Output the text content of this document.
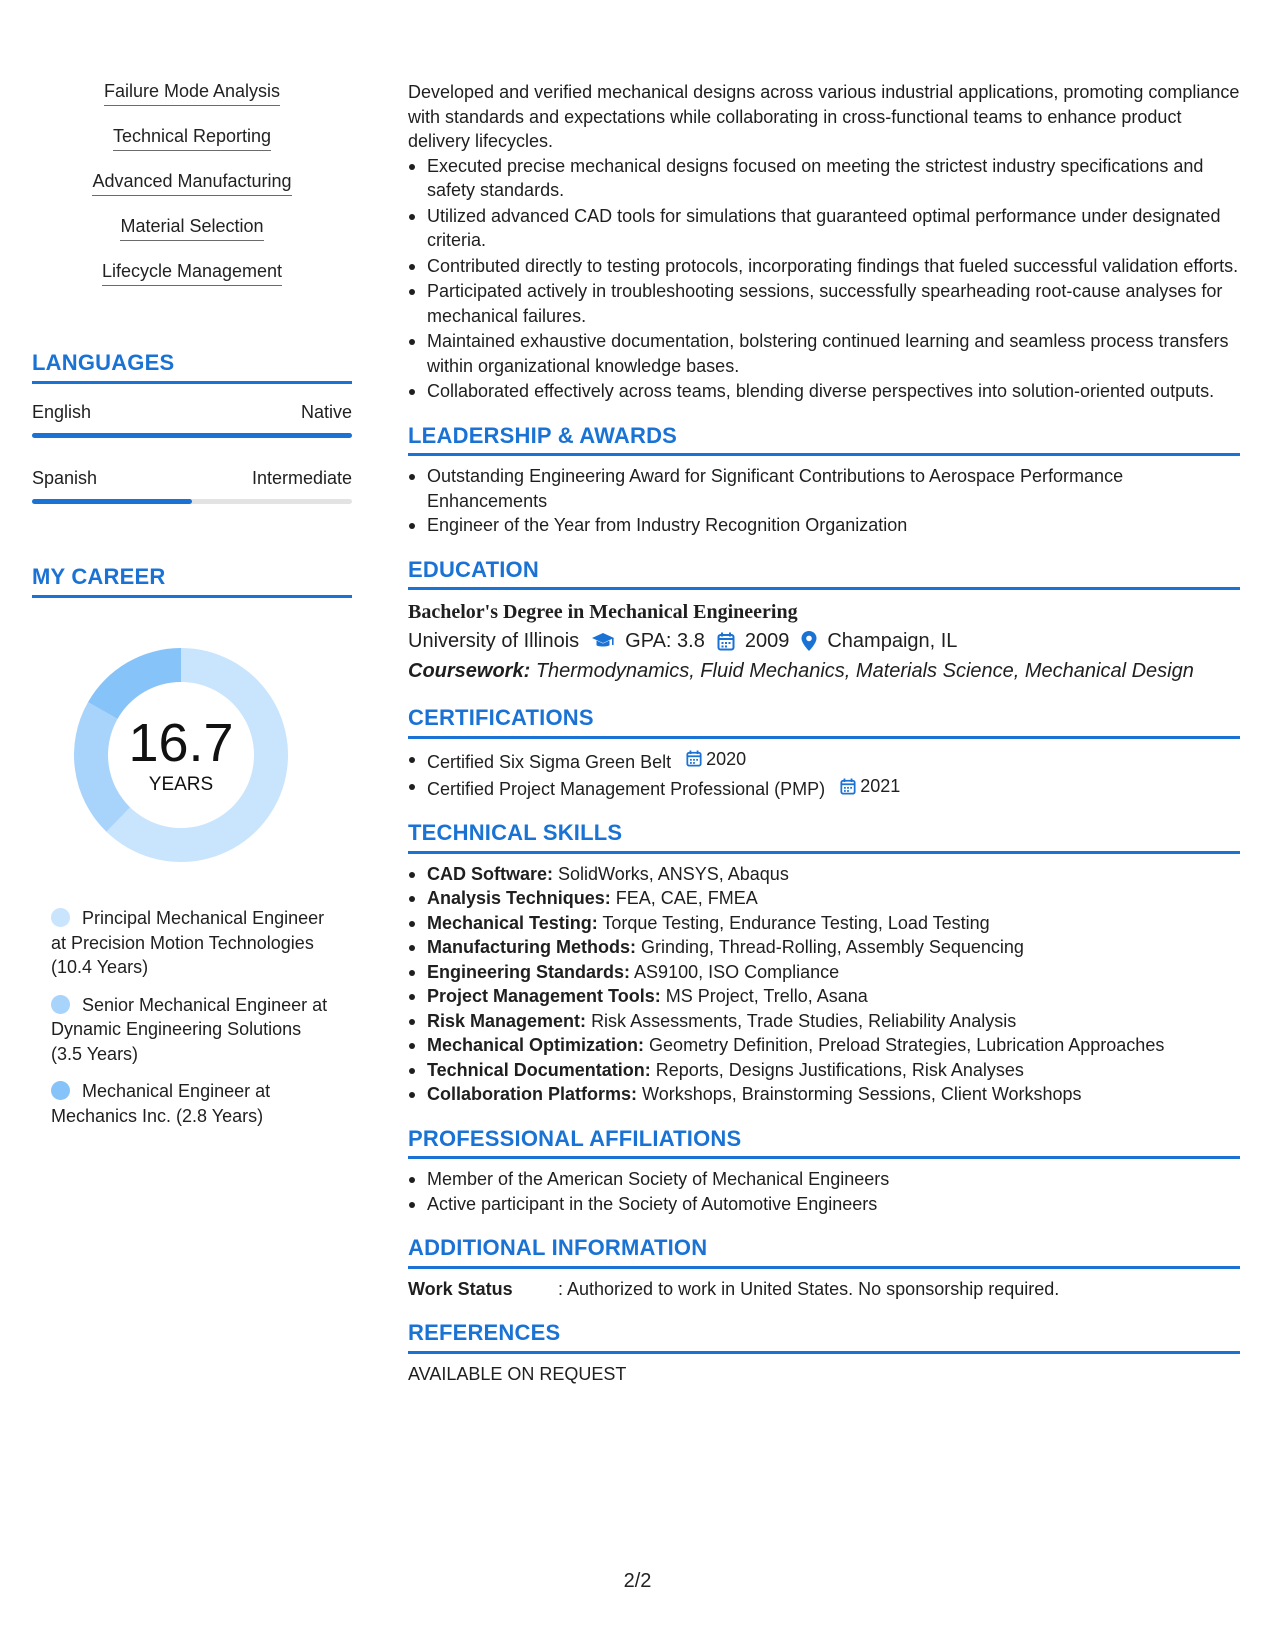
Failure Mode Analysis
Technical Reporting
Advanced Manufacturing
Material Selection
Lifecycle Management
LANGUAGES
English	Native
Spanish	Intermediate
MY CAREER
16.7
YEARS
Principal Mechanical Engineer at Precision Motion Technologies (10.4 Years)
Senior Mechanical Engineer at Dynamic Engineering Solutions (3.5 Years)
Mechanical Engineer at Mechanics Inc. (2.8 Years)

Developed and verified mechanical designs across various industrial applications, promoting compliance with standards and expectations while collaborating in cross-functional teams to enhance product delivery lifecycles.

Executed precise mechanical designs focused on meeting the strictest industry specifications and safety standards.
Utilized advanced CAD tools for simulations that guaranteed optimal performance under designated criteria.
Contributed directly to testing protocols, incorporating findings that fueled successful validation efforts.
Participated actively in troubleshooting sessions, successfully spearheading root-cause analyses for mechanical failures.
Maintained exhaustive documentation, bolstering continued learning and seamless process transfers within organizational knowledge bases.
Collaborated effectively across teams, blending diverse perspectives into solution-oriented outputs.
LEADERSHIP & AWARDS
Outstanding Engineering Award for Significant Contributions to Aerospace Performance Enhancements
Engineer of the Year from Industry Recognition Organization
EDUCATION
Bachelor's Degree in Mechanical Engineering
University of Illinois GPA: 3.8 2009 Champaign, IL
Coursework: Thermodynamics, Fluid Mechanics, Materials Science, Mechanical Design
CERTIFICATIONS
Certified Six Sigma Green Belt 2020
Certified Project Management Professional (PMP) 2021
TECHNICAL SKILLS
CAD Software: SolidWorks, ANSYS, Abaqus
Analysis Techniques: FEA, CAE, FMEA
Mechanical Testing: Torque Testing, Endurance Testing, Load Testing
Manufacturing Methods: Grinding, Thread-Rolling, Assembly Sequencing
Engineering Standards: AS9100, ISO Compliance
Project Management Tools: MS Project, Trello, Asana
Risk Management: Risk Assessments, Trade Studies, Reliability Analysis
Mechanical Optimization: Geometry Definition, Preload Strategies, Lubrication Approaches
Technical Documentation: Reports, Designs Justifications, Risk Analyses
Collaboration Platforms: Workshops, Brainstorming Sessions, Client Workshops
PROFESSIONAL AFFILIATIONS
Member of the American Society of Mechanical Engineers
Active participant in the Society of Automotive Engineers
ADDITIONAL INFORMATION
Work Status	: Authorized to work in United States. No sponsorship required.
REFERENCES
AVAILABLE ON REQUEST
2/2
